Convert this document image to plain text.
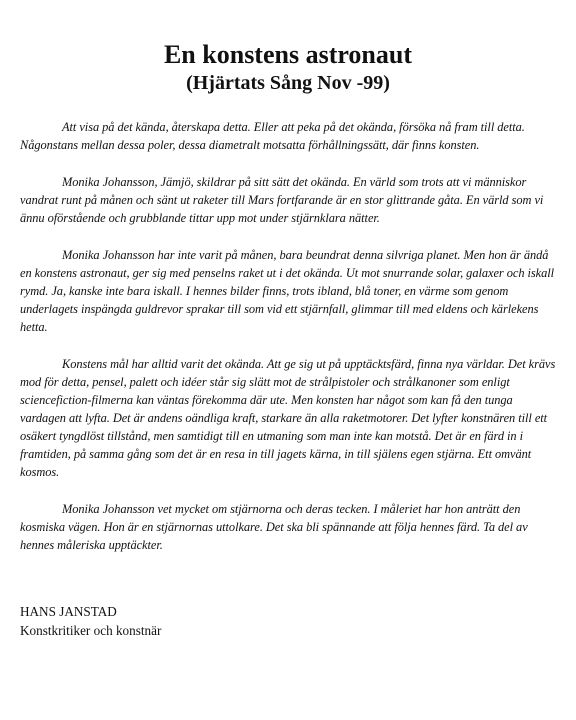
En konstens astronaut
(Hjärtats Sång Nov -99)

Att visa på det kända, återskapa detta. Eller att peka på det okända, försöka nå fram till detta. Någonstans mellan dessa poler, dessa diametralt motsatta förhållningssätt, där finns konsten.

Monika Johansson, Jämjö, skildrar på sitt sätt det okända. En värld som trots att vi människor vandrat runt på månen och sänt ut raketer till Mars fortfarande är en stor glittrande gåta. En värld som vi ännu oförstående och grubblande tittar upp mot under stjärnklara nätter.

Monika Johansson har inte varit på månen, bara beundrat denna silvriga planet. Men hon är ändå en konstens astronaut, ger sig med penselns raket ut i det okända. Ut mot snurrande solar, galaxer och iskall rymd. Ja, kanske inte bara iskall. I hennes bilder finns, trots ibland, blå toner, en värme som genom underlagets inspängda guldrevor sprakar till som vid ett stjärnfall, glimmar till med eldens och kärlekens hetta.

Konstens mål har alltid varit det okända. Att ge sig ut på upptäcktsfärd, finna nya världar. Det krävs mod för detta, pensel, palett och idéer står sig slätt mot de strålpistoler och strålkanoner som enligt sciencefiction-filmerna kan väntas förekomma där ute. Men konsten har något som kan få den tunga vardagen att lyfta. Det är andens oändliga kraft, starkare än alla raketmotorer. Det lyfter konstnären till ett osäkert tyngdlöst tillstånd, men samtidigt till en utmaning som man inte kan motstå. Det är en färd in i framtiden, på samma gång som det är en resa in till jagets kärna, in till själens egen stjärna. Ett omvänt kosmos.

Monika Johansson vet mycket om stjärnorna och deras tecken. I måleriet har hon anträtt den kosmiska vägen. Hon är en stjärnornas uttolkare. Det ska bli spännande att följa hennes färd. Ta del av hennes måleriska upptäckter.

HANS JANSTAD

Konstkritiker och konstnär
